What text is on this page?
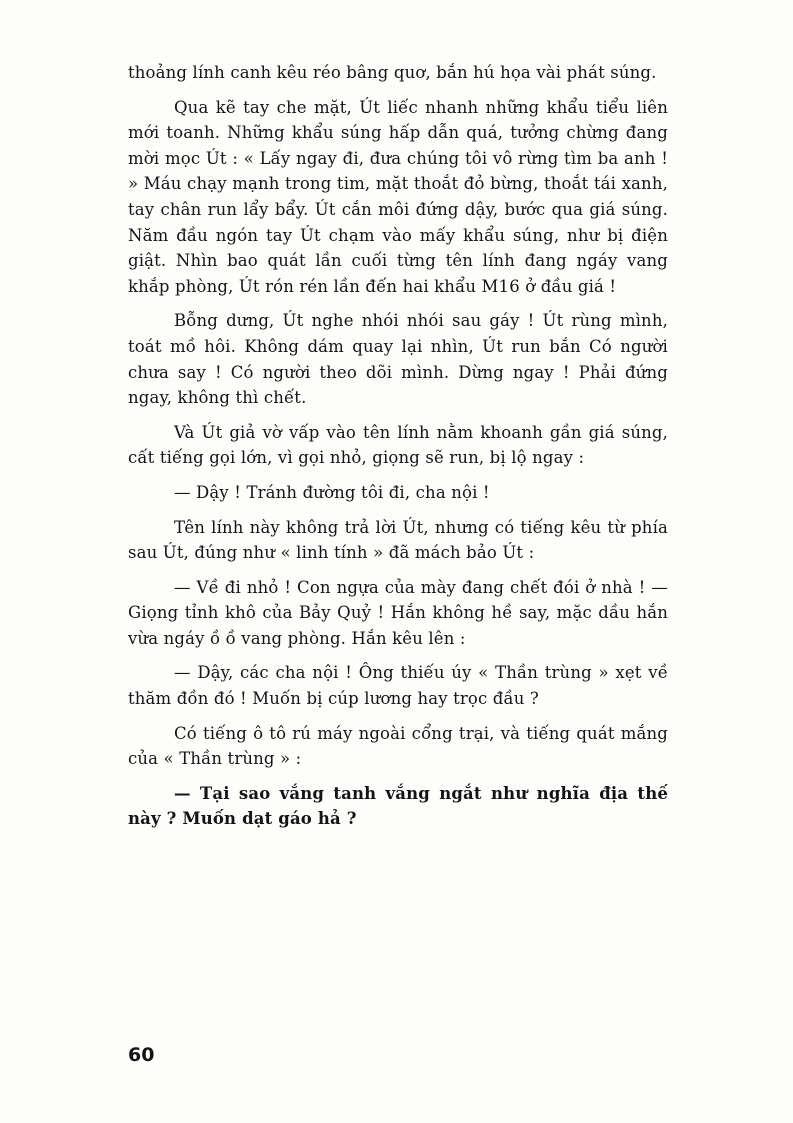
thoảng lính canh kêu réo bâng quơ, bắn hú họa vài phát súng.

Qua kẽ tay che mặt, Út liếc nhanh những khẩu tiểu liên mới toanh. Những khẩu súng hấp dẫn quá, tưởng chừng đang mời mọc Út : « Lấy ngay đi, đưa chúng tôi vô rừng tìm ba anh ! » Máu chạy mạnh trong tim, mặt thoắt đỏ bừng, thoắt tái xanh, tay chân run lẩy bẩy. Út cắn môi đứng dậy, bước qua giá súng. Năm đầu ngón tay Út chạm vào mấy khẩu súng, như bị điện giật. Nhìn bao quát lần cuối từng tên lính đang ngáy vang khắp phòng, Út rón rén lần đến hai khẩu M16 ở đầu giá !

Bỗng dưng, Út nghe nhói nhói sau gáy ! Út rùng mình, toát mồ hôi. Không dám quay lại nhìn, Út run bắn Có người chưa say ! Có người theo dõi mình. Dừng ngay ! Phải đứng ngay, không thì chết.

Và Út giả vờ vấp vào tên lính nằm khoanh gần giá súng, cất tiếng gọi lớn, vì gọi nhỏ, giọng sẽ run, bị lộ ngay :

— Dậy ! Tránh đường tôi đi, cha nội !

Tên lính này không trả lời Út, nhưng có tiếng kêu từ phía sau Út, đúng như « linh tính » đã mách bảo Út :

— Về đi nhỏ ! Con ngựa của mày đang chết đói ở nhà ! — Giọng tỉnh khô của Bảy Quỷ ! Hắn không hề say, mặc dầu hắn vừa ngáy ồ ồ vang phòng. Hắn kêu lên :

— Dậy, các cha nội ! Ông thiếu úy « Thần trùng » xẹt về thăm đồn đó ! Muốn bị cúp lương hay trọc đầu ?

Có tiếng ô tô rú máy ngoài cổng trại, và tiếng quát mắng của « Thần trùng » :

— Tại sao vắng tanh vắng ngắt như nghĩa địa thế này ? Muốn dạt gáo hả ?

60
